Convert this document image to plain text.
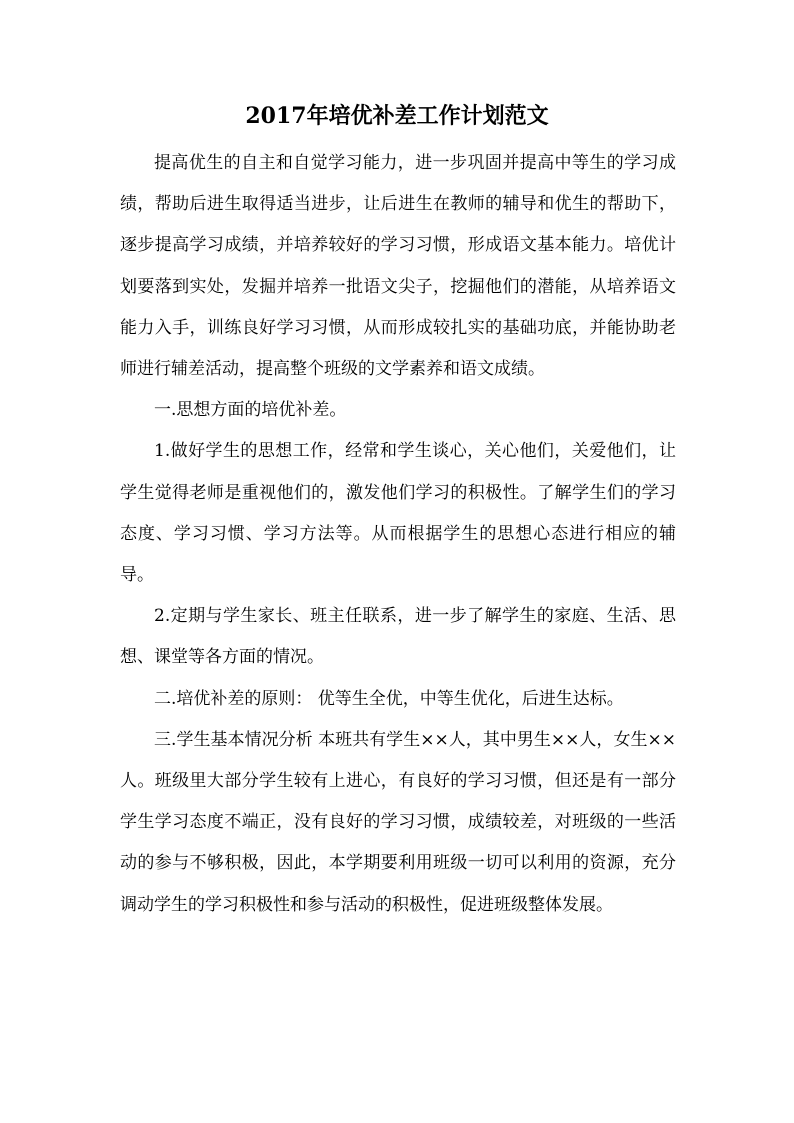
2017年培优补差工作计划范文

提高优生的自主和自觉学习能力，进一步巩固并提高中等生的学习成绩，帮助后进生取得适当进步，让后进生在教师的辅导和优生的帮助下，逐步提高学习成绩，并培养较好的学习习惯，形成语文基本能力。培优计划要落到实处，发掘并培养一批语文尖子，挖掘他们的潜能，从培养语文能力入手，训练良好学习习惯，从而形成较扎实的基础功底，并能协助老师进行辅差活动，提高整个班级的文学素养和语文成绩。

一.思想方面的培优补差。

1.做好学生的思想工作，经常和学生谈心，关心他们，关爱他们，让学生觉得老师是重视他们的，激发他们学习的积极性。了解学生们的学习态度、学习习惯、学习方法等。从而根据学生的思想心态进行相应的辅导。

2.定期与学生家长、班主任联系，进一步了解学生的家庭、生活、思想、课堂等各方面的情况。

二.培优补差的原则： 优等生全优，中等生优化，后进生达标。

三.学生基本情况分析 本班共有学生××人，其中男生××人，女生××人。班级里大部分学生较有上进心，有良好的学习习惯，但还是有一部分学生学习态度不端正，没有良好的学习习惯，成绩较差，对班级的一些活动的参与不够积极，因此，本学期要利用班级一切可以利用的资源，充分调动学生的学习积极性和参与活动的积极性，促进班级整体发展。
